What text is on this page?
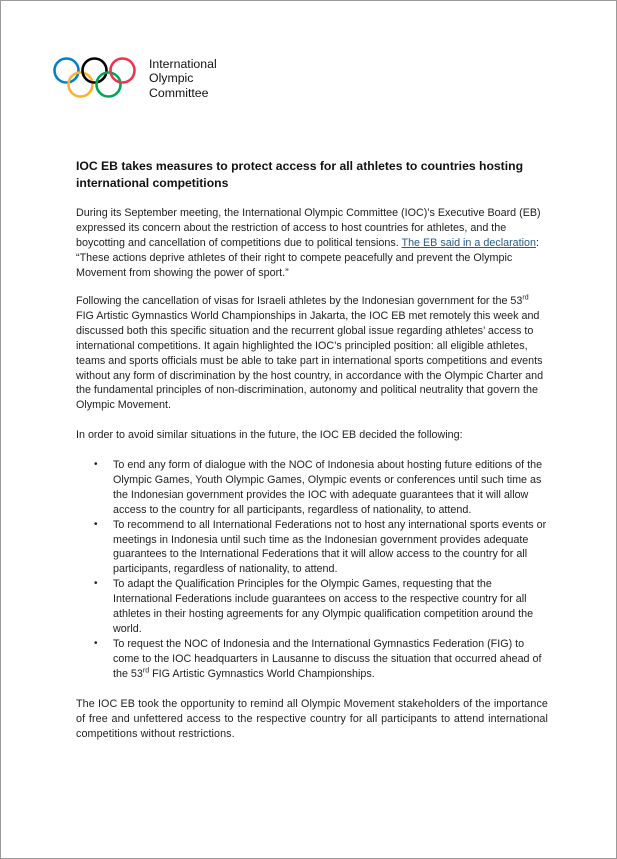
International
Olympic
Committee
IOC EB takes measures to protect access for all athletes to countries hosting international competitions
During its September meeting, the International Olympic Committee (IOC)’s Executive Board (EB) expressed its concern about the restriction of access to host countries for athletes, and the boycotting and cancellation of competitions due to political tensions. The EB said in a declaration: “These actions deprive athletes of their right to compete peacefully and prevent the Olympic Movement from showing the power of sport.”
Following the cancellation of visas for Israeli athletes by the Indonesian government for the 53rd FIG Artistic Gymnastics World Championships in Jakarta, the IOC EB met remotely this week and discussed both this specific situation and the recurrent global issue regarding athletes’ access to international competitions. It again highlighted the IOC’s principled position: all eligible athletes, teams and sports officials must be able to take part in international sports competitions and events without any form of discrimination by the host country, in accordance with the Olympic Charter and the fundamental principles of non-discrimination, autonomy and political neutrality that govern the Olympic Movement.
In order to avoid similar situations in the future, the IOC EB decided the following:
• To end any form of dialogue with the NOC of Indonesia about hosting future editions of the Olympic Games, Youth Olympic Games, Olympic events or conferences until such time as the Indonesian government provides the IOC with adequate guarantees that it will allow access to the country for all participants, regardless of nationality, to attend.
• To recommend to all International Federations not to host any international sports events or meetings in Indonesia until such time as the Indonesian government provides adequate guarantees to the International Federations that it will allow access to the country for all participants, regardless of nationality, to attend.
• To adapt the Qualification Principles for the Olympic Games, requesting that the International Federations include guarantees on access to the respective country for all athletes in their hosting agreements for any Olympic qualification competition around the world.
• To request the NOC of Indonesia and the International Gymnastics Federation (FIG) to come to the IOC headquarters in Lausanne to discuss the situation that occurred ahead of the 53rd FIG Artistic Gymnastics World Championships.
The IOC EB took the opportunity to remind all Olympic Movement stakeholders of the importance of free and unfettered access to the respective country for all participants to attend international competitions without restrictions.
